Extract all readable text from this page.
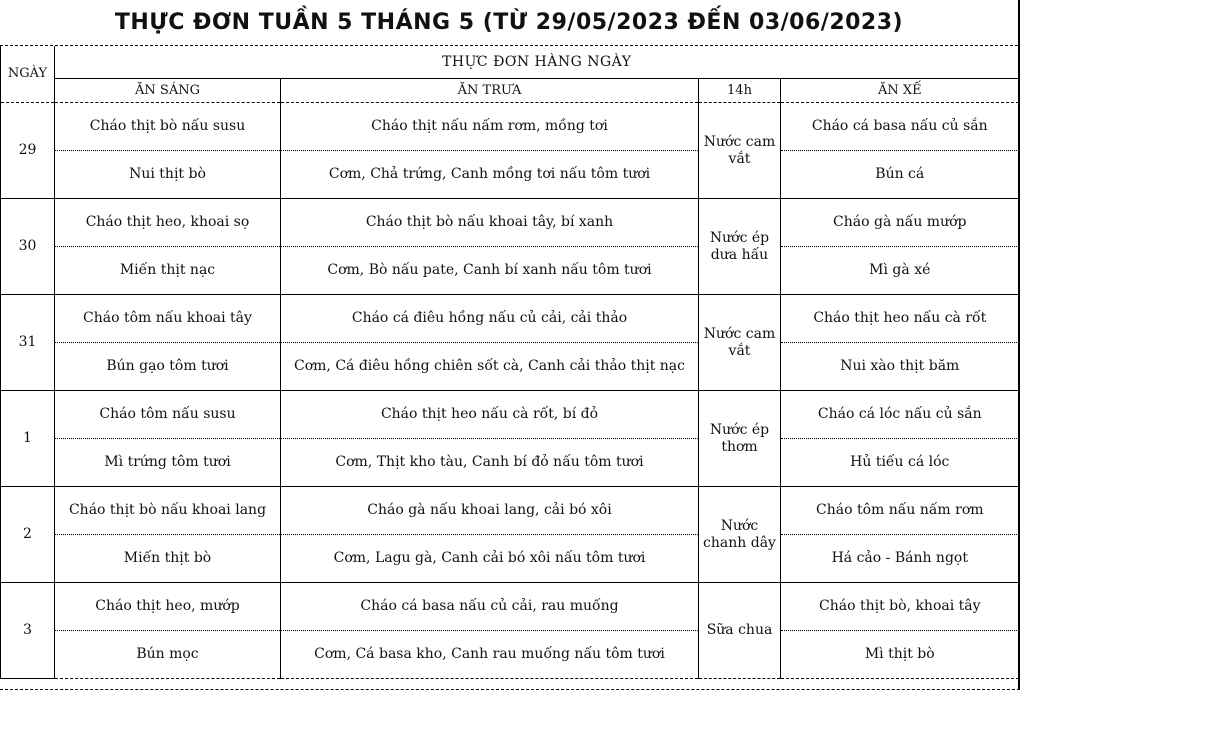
THỰC ĐƠN TUẦN 5 THÁNG 5 (TỪ 29/05/2023 ĐẾN 03/06/2023)
NGÀY	THỰC ĐƠN HÀNG NGÀY			
	ĂN SÁNG	ĂN TRƯA	14h	ĂN XẾ
29	Cháo thịt bò nấu susu	Cháo thịt nấu nấm rơm, mồng tơi	Nước cam vắt	Cháo cá basa nấu củ sắn
	Nui thịt bò	Cơm, Chả trứng, Canh mồng tơi nấu tôm tươi		Bún cá
30	Cháo thịt heo, khoai sọ	Cháo thịt bò nấu khoai tây, bí xanh	Nước ép dưa hấu	Cháo gà nấu mướp
	Miến thịt nạc	Cơm, Bò nấu pate, Canh bí xanh nấu tôm tươi		Mì gà xé
31	Cháo tôm nấu khoai tây	Cháo cá điêu hồng nấu củ cải, cải thảo	Nước cam vắt	Cháo thịt heo nấu cà rốt
	Bún gạo tôm tươi	Cơm, Cá điêu hồng chiên sốt cà, Canh cải thảo thịt nạc		Nui xào thịt băm
1	Cháo tôm nấu susu	Cháo thịt heo nấu cà rốt, bí đỏ	Nước ép thơm	Cháo cá lóc nấu củ sắn
	Mì trứng tôm tươi	Cơm, Thịt kho tàu, Canh bí đỏ nấu tôm tươi		Hủ tiếu cá lóc
2	Cháo thịt bò nấu khoai lang	Cháo gà nấu khoai lang, cải bó xôi	Nước chanh dây	Cháo tôm nấu nấm rơm
	Miến thịt bò	Cơm, Lagu gà, Canh cải bó xôi nấu tôm tươi		Há cảo - Bánh ngọt
3	Cháo thịt heo, mướp	Cháo cá basa nấu củ cải, rau muống	Sữa chua	Cháo thịt bò, khoai tây
	Bún mọc	Cơm, Cá basa kho, Canh rau muống nấu tôm tươi		Mì thịt bò
